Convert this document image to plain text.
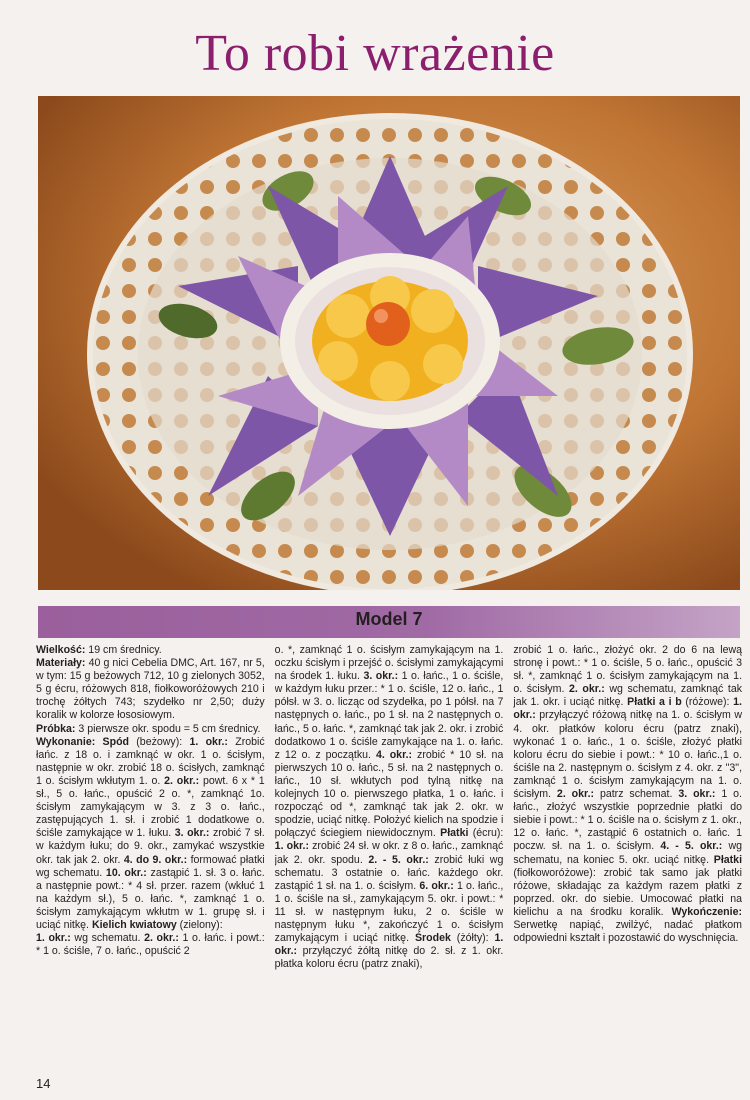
To robi wrażenie
Model 7

Wielkość: 19 cm średnicy.
Materiały: 40 g nici Cebelia DMC, Art. 167, nr 5, w tym: 15 g beżowych 712, 10 g zielonych 3052, 5 g écru, różowych 818, fiołkoworóżowych 210 i trochę żółtych 743; szydełko nr 2,50; duży koralik w kolorze łososiowym.
Próbka: 3 pierwsze okr. spodu = 5 cm średnicy.
Wykonanie: Spód (beżowy): 1. okr.: Zrobić łańc. z 18 o. i zamknąć w okr. 1 o. ścisłym, następnie w okr. zrobić 18 o. ścisłych, zamknąć 1 o. ścisłym wkłutym 1. o. 2. okr.: powt. 6 x * 1 sł., 5 o. łańc., opuścić 2 o. *, zamknąć 1o. ścisłym zamykającym w 3. z 3 o. łańc., zastępujących 1. sł. i zrobić 1 dodatkowe o. ściśle zamykające w 1. łuku. 3. okr.: zrobić 7 sł. w każdym łuku; do 9. okr., zamykać wszystkie okr. tak jak 2. okr. 4. do 9. okr.: formować płatki wg schematu. 10. okr.: zastąpić 1. sł. 3 o. łańc. a następnie powt.: * 4 sł. przer. razem (wkłuć 1 na każdym sł.), 5 o. łańc. *, zamknąć 1 o. ścisłym zamykającym wkłutm w 1. grupę sł. i uciąć nitkę. Kielich kwiatowy (zielony):
1. okr.: wg schematu. 2. okr.: 1 o. łańc. i powt.: * 1 o. ściśle, 7 o. łańc., opuścić 2

o. *, zamknąć 1 o. ścisłym zamykającym na 1. oczku ścisłym i przejść o. ścisłymi zamykającymi na środek 1. łuku. 3. okr.: 1 o. łańc., 1 o. ściśle, w każdym łuku przer.: * 1 o. ściśle, 12 o. łańc., 1 półsł. w 3. o. licząc od szydełka, po 1 półsł. na 7 następnych o. łańc., po 1 sł. na 2 następnych o. łańc., 5 o. łańc. *, zamknąć tak jak 2. okr. i zrobić dodatkowo 1 o. ściśle zamykające na 1. o. łańc. z 12 o. z początku. 4. okr.: zrobić * 10 sł. na pierwszych 10 o. łańc., 5 sł. na 2 następnych o. łańc., 10 sł. wkłutych pod tylną nitkę na kolejnych 10 o. pierwszego płatka, 1 o. łańc. i rozpocząć od *, zamknąć tak jak 2. okr. w spodzie, uciąć nitkę. Położyć kielich na spodzie i połączyć ściegiem niewidocznym. Płatki (écru): 1. okr.: zrobić 24 sł. w okr. z 8 o. łańc., zamknąć jak 2. okr. spodu. 2. - 5. okr.: zrobić łuki wg schematu. 3 ostatnie o. łańc. każdego okr. zastąpić 1 sł. na 1. o. ścisłym. 6. okr.: 1 o. łańc., 1 o. ściśle na sł., zamykającym 5. okr. i powt.: * 11 sł. w następnym łuku, 2 o. ściśle w następnym łuku *, zakończyć 1 o. ścisłym zamykającym i uciąć nitkę. Środek (żółty): 1. okr.: przyłączyć żółtą nitkę do 2. sł. z 1. okr. płatka koloru écru (patrz znaki),

zrobić 1 o. łańc., złożyć okr. 2 do 6 na lewą stronę i powt.: * 1 o. ściśle, 5 o. łańc., opuścić 3 sł. *, zamknąć 1 o. ścisłym zamykającym na 1. o. ścisłym. 2. okr.: wg schematu, zamknąć tak jak 1. okr. i uciąć nitkę. Płatki a i b (różowe): 1. okr.: przyłączyć różową nitkę na 1. o. ścisłym w 4. okr. płatków koloru écru (patrz znaki), wykonać 1 o. łańc., 1 o. ściśle, złożyć płatki koloru écru do siebie i powt.: * 10 o. łańc.,1 o. ściśle na 2. następnym o. ścisłym z 4. okr. z "3", zamknąć 1 o. ścisłym zamykającym na 1. o. ścisłym. 2. okr.: patrz schemat. 3. okr.: 1 o. łańc., złożyć wszystkie poprzednie płatki do siebie i powt.: * 1 o. ściśle na o. ścisłym z 1. okr., 12 o. łańc. *, zastąpić 6 ostatnich o. łańc. 1 poczw. sł. na 1. o. ścisłym. 4. - 5. okr.: wg schematu, na koniec 5. okr. uciąć nitkę. Płatki (fiołkoworóżowe): zrobić tak samo jak płatki różowe, składając za każdym razem płatki z poprzed. okr. do siebie. Umocować płatki na kielichu a na środku koralik. Wykończenie: Serwetkę napiąć, zwilżyć, nadać płatkom odpowiedni kształt i pozostawić do wyschnięcia.

14
